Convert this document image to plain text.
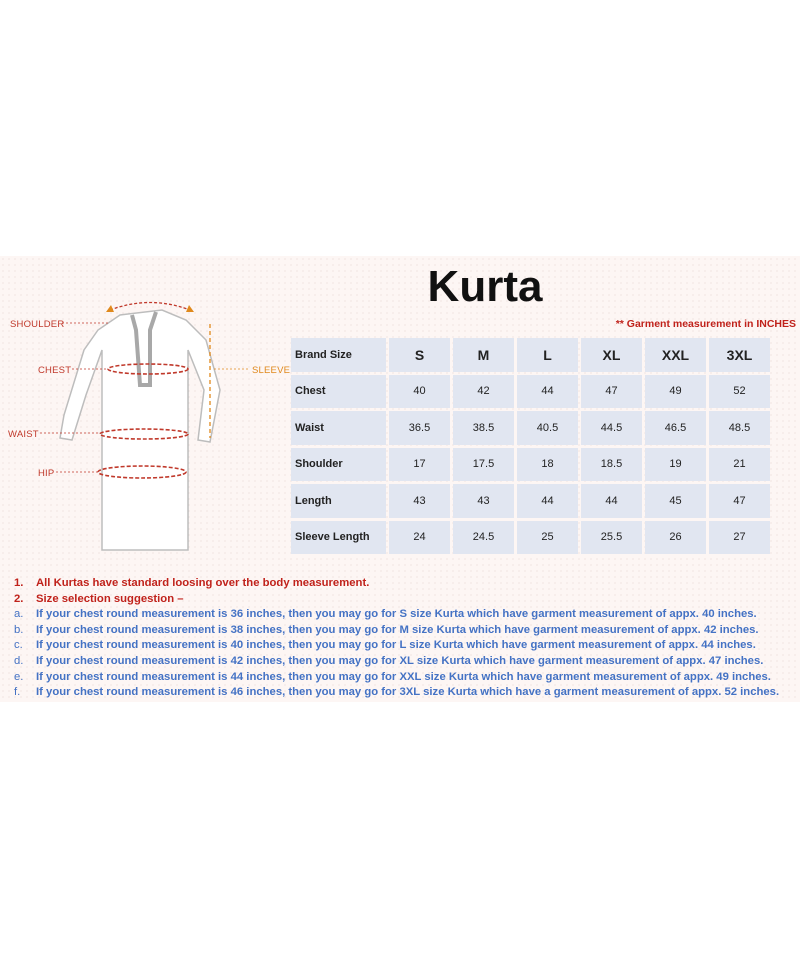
Kurta
** Garment measurement in INCHES
SHOULDER
CHEST
WAIST
HIP
SLEEVE
Brand Size	S	M	L	XL	XXL	3XL
Chest	40	42	44	47	49	52
Waist	36.5	38.5	40.5	44.5	46.5	48.5
Shoulder	17	17.5	18	18.5	19	21
Length	43	43	44	44	45	47
Sleeve Length	24	24.5	25	25.5	26	27
1. All Kurtas have standard loosing over the body measurement.
2. Size selection suggestion –
a. If your chest round measurement is 36 inches, then you may go for S size Kurta which have garment measurement of appx. 40 inches.
b. If your chest round measurement is 38 inches, then you may go for M size Kurta which have garment measurement of appx. 42 inches.
c. If your chest round measurement is 40 inches, then you may go for L size Kurta which have garment measurement of appx. 44 inches.
d. If your chest round measurement is 42 inches, then you may go for XL size Kurta which have garment measurement of appx. 47 inches.
e. If your chest round measurement is 44 inches, then you may go for XXL size Kurta which have garment measurement of appx. 49 inches.
f. If your chest round measurement is 46 inches, then you may go for 3XL size Kurta which have a garment measurement of appx. 52 inches.
